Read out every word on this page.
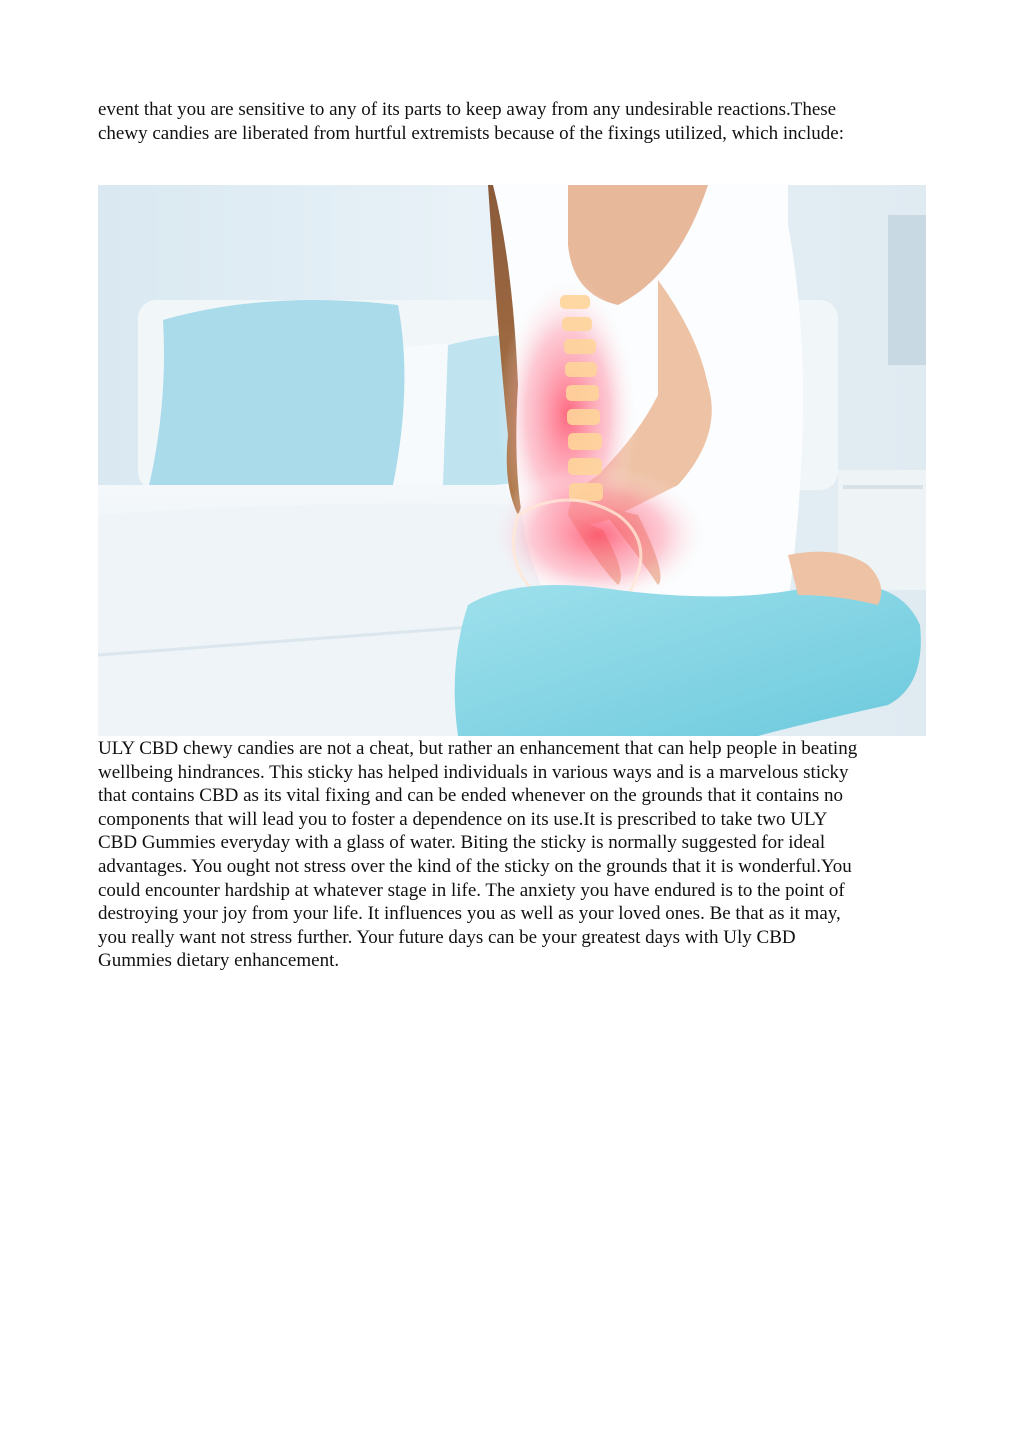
event that you are sensitive to any of its parts to keep away from any undesirable reactions.These
chewy candies are liberated from hurtful extremists because of the fixings utilized, which include:

ULY CBD chewy candies are not a cheat, but rather an enhancement that can help people in beating
wellbeing hindrances. This sticky has helped individuals in various ways and is a marvelous sticky
that contains CBD as its vital fixing and can be ended whenever on the grounds that it contains no
components that will lead you to foster a dependence on its use.It is prescribed to take two ULY
CBD Gummies everyday with a glass of water. Biting the sticky is normally suggested for ideal
advantages. You ought not stress over the kind of the sticky on the grounds that it is wonderful.You
could encounter hardship at whatever stage in life. The anxiety you have endured is to the point of
destroying your joy from your life. It influences you as well as your loved ones. Be that as it may,
you really want not stress further. Your future days can be your greatest days with Uly CBD
Gummies dietary enhancement.
